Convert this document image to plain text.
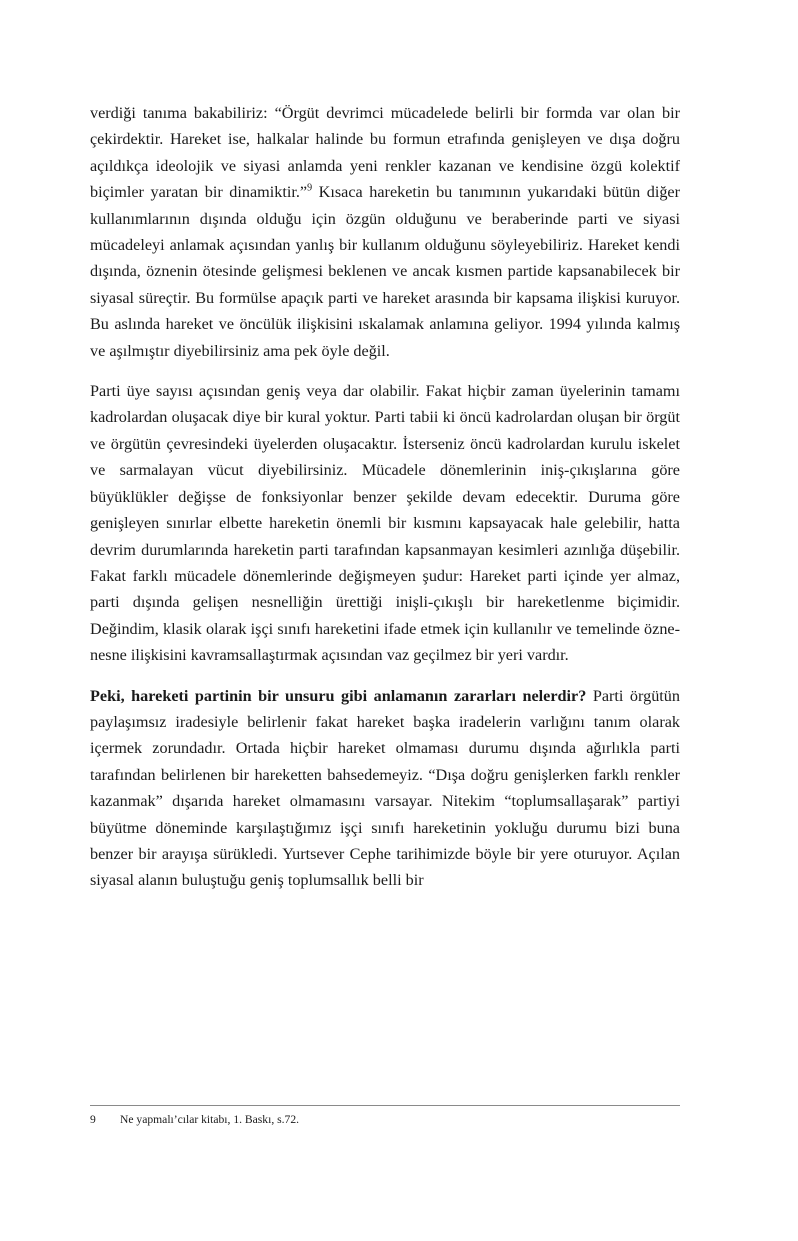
verdiği tanıma bakabiliriz: “Örgüt devrimci mücadelede belirli bir formda var olan bir çekirdektir. Hareket ise, halkalar halinde bu formun etrafında genişleyen ve dışa doğru açıldıkça ideolojik ve siyasi anlamda yeni renkler kazanan ve kendisine özgü kolektif biçimler yaratan bir dinamiktir.”$^9$ Kısaca hareketin bu tanımının yukarıdaki bütün diğer kullanımlarının dışında olduğu için özgün olduğunu ve beraberinde parti ve siyasi mücadeleyi anlamak açısından yanlış bir kullanım olduğunu söyleyebiliriz. Hareket kendi dışında, öznenin ötesinde gelişmesi beklenen ve ancak kısmen partide kapsanabilecek bir siyasal süreçtir. Bu formülse apaçık parti ve hareket arasında bir kapsama ilişkisi kuruyor. Bu aslında hareket ve öncülük ilişkisini ıskalamak anlamına geliyor. 1994 yılında kalmış ve aşılmıştır diyebilirsiniz ama pek öyle değil.

Parti üye sayısı açısından geniş veya dar olabilir. Fakat hiçbir zaman üyelerinin tamamı kadrolardan oluşacak diye bir kural yoktur. Parti tabii ki öncü kadrolardan oluşan bir örgüt ve örgütün çevresindeki üyelerden oluşacaktır. İsterseniz öncü kadrolardan kurulu iskelet ve sarmalayan vücut diyebilirsiniz. Mücadele dönemlerinin iniş-çıkışlarına göre büyüklükler değişse de fonksiyonlar benzer şekilde devam edecektir. Duruma göre genişleyen sınırlar elbette hareketin önemli bir kısmını kapsayacak hale gelebilir, hatta devrim durumlarında hareketin parti tarafından kapsanmayan kesimleri azınlığa düşebilir. Fakat farklı mücadele dönemlerinde değişmeyen şudur: Hareket parti içinde yer almaz, parti dışında gelişen nesnelliğin ürettiği inişli-çıkışlı bir hareketlenme biçimidir. Değindim, klasik olarak işçi sınıfı hareketini ifade etmek için kullanılır ve temelinde özne-nesne ilişkisini kavramsallaştırmak açısından vaz geçilmez bir yeri vardır.

Peki, hareketi partinin bir unsuru gibi anlamanın zararları nelerdir? Parti örgütün paylaşımsız iradesiyle belirlenir fakat hareket başka iradelerin varlığını tanım olarak içermek zorundadır. Ortada hiçbir hareket olmaması durumu dışında ağırlıkla parti tarafından belirlenen bir hareketten bahsedemeyiz. “Dışa doğru genişlerken farklı renkler kazanmak” dışarıda hareket olmamasını varsayar. Nitekim “toplumsallaşarak” partiyi büyütme döneminde karşılaştığımız işçi sınıfı hareketinin yokluğu durumu bizi buna benzer bir arayışa sürükledi. Yurtsever Cephe tarihimizde böyle bir yere oturuyor. Açılan siyasal alanın buluştuğu geniş toplumsallık belli bir

9 Ne yapmalı’cılar kitabı, 1. Baskı, s.72.
